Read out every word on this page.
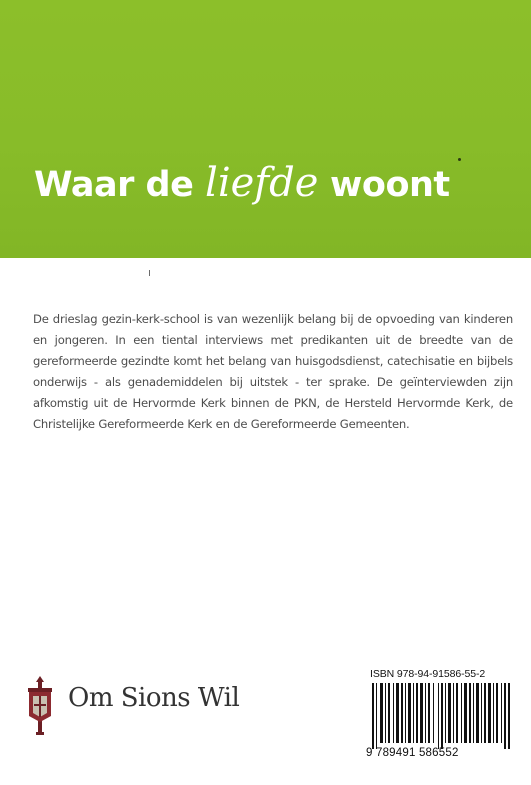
Waar de liefde woont

De drieslag gezin-kerk-school is van wezenlijk belang bij de opvoeding van kinderen en jongeren. In een tiental interviews met predikanten uit de breedte van de gereformeerde gezindte komt het belang van huisgodsdienst, catechisatie en bijbels onderwijs - als genademiddelen bij uitstek - ter sprake. De geïnterviewden zijn afkomstig uit de Hervormde Kerk binnen de PKN, de Hersteld Hervormde Kerk, de Christelijke Gereformeerde Kerk en de Gereformeerde Gemeenten.

Om Sions Wil
ISBN 978-94-91586-55-2
9 789491 586552
